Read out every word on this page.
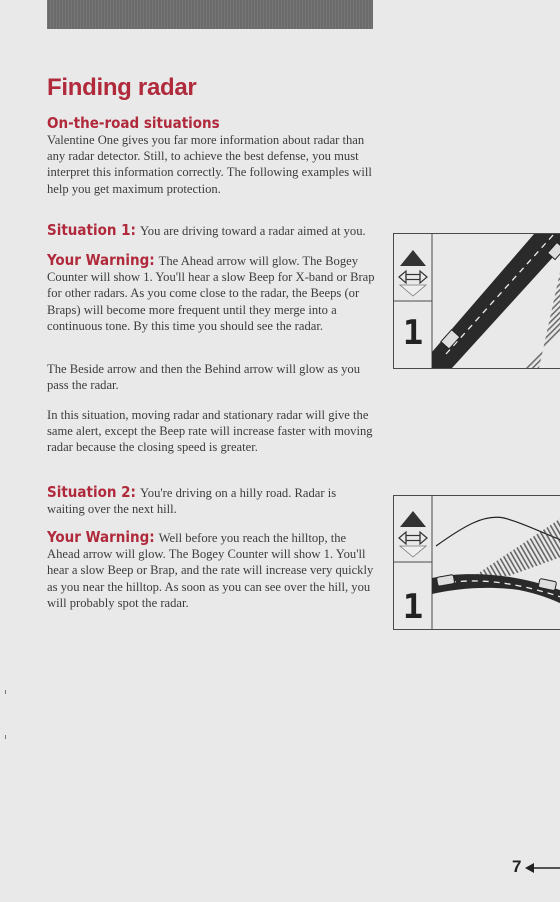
Finding radar
On-the-road situations

Valentine One gives you far more information about radar than any radar detector. Still, to achieve the best defense, you must interpret this information correctly. The following examples will help you get maximum protection.

Situation 1: You are driving toward a radar aimed at you.

Your Warning: The Ahead arrow will glow. The Bogey Counter will show 1. You'll hear a slow Beep for X-band or Brap for other radars. As you come close to the radar, the Beeps (or Braps) will become more frequent until they merge into a continuous tone. By this time you should see the radar.

The Beside arrow and then the Behind arrow will glow as you pass the radar.

In this situation, moving radar and stationary radar will give the same alert, except the Beep rate will increase faster with moving radar because the closing speed is greater.

Situation 2: You're driving on a hilly road. Radar is waiting over the next hill.

Your Warning: Well before you reach the hilltop, the Ahead arrow will glow. The Bogey Counter will show 1. You'll hear a slow Beep or Brap, and the rate will increase very quickly as you near the hilltop. As soon as you can see over the hill, you will probably spot the radar.

1
1

7
